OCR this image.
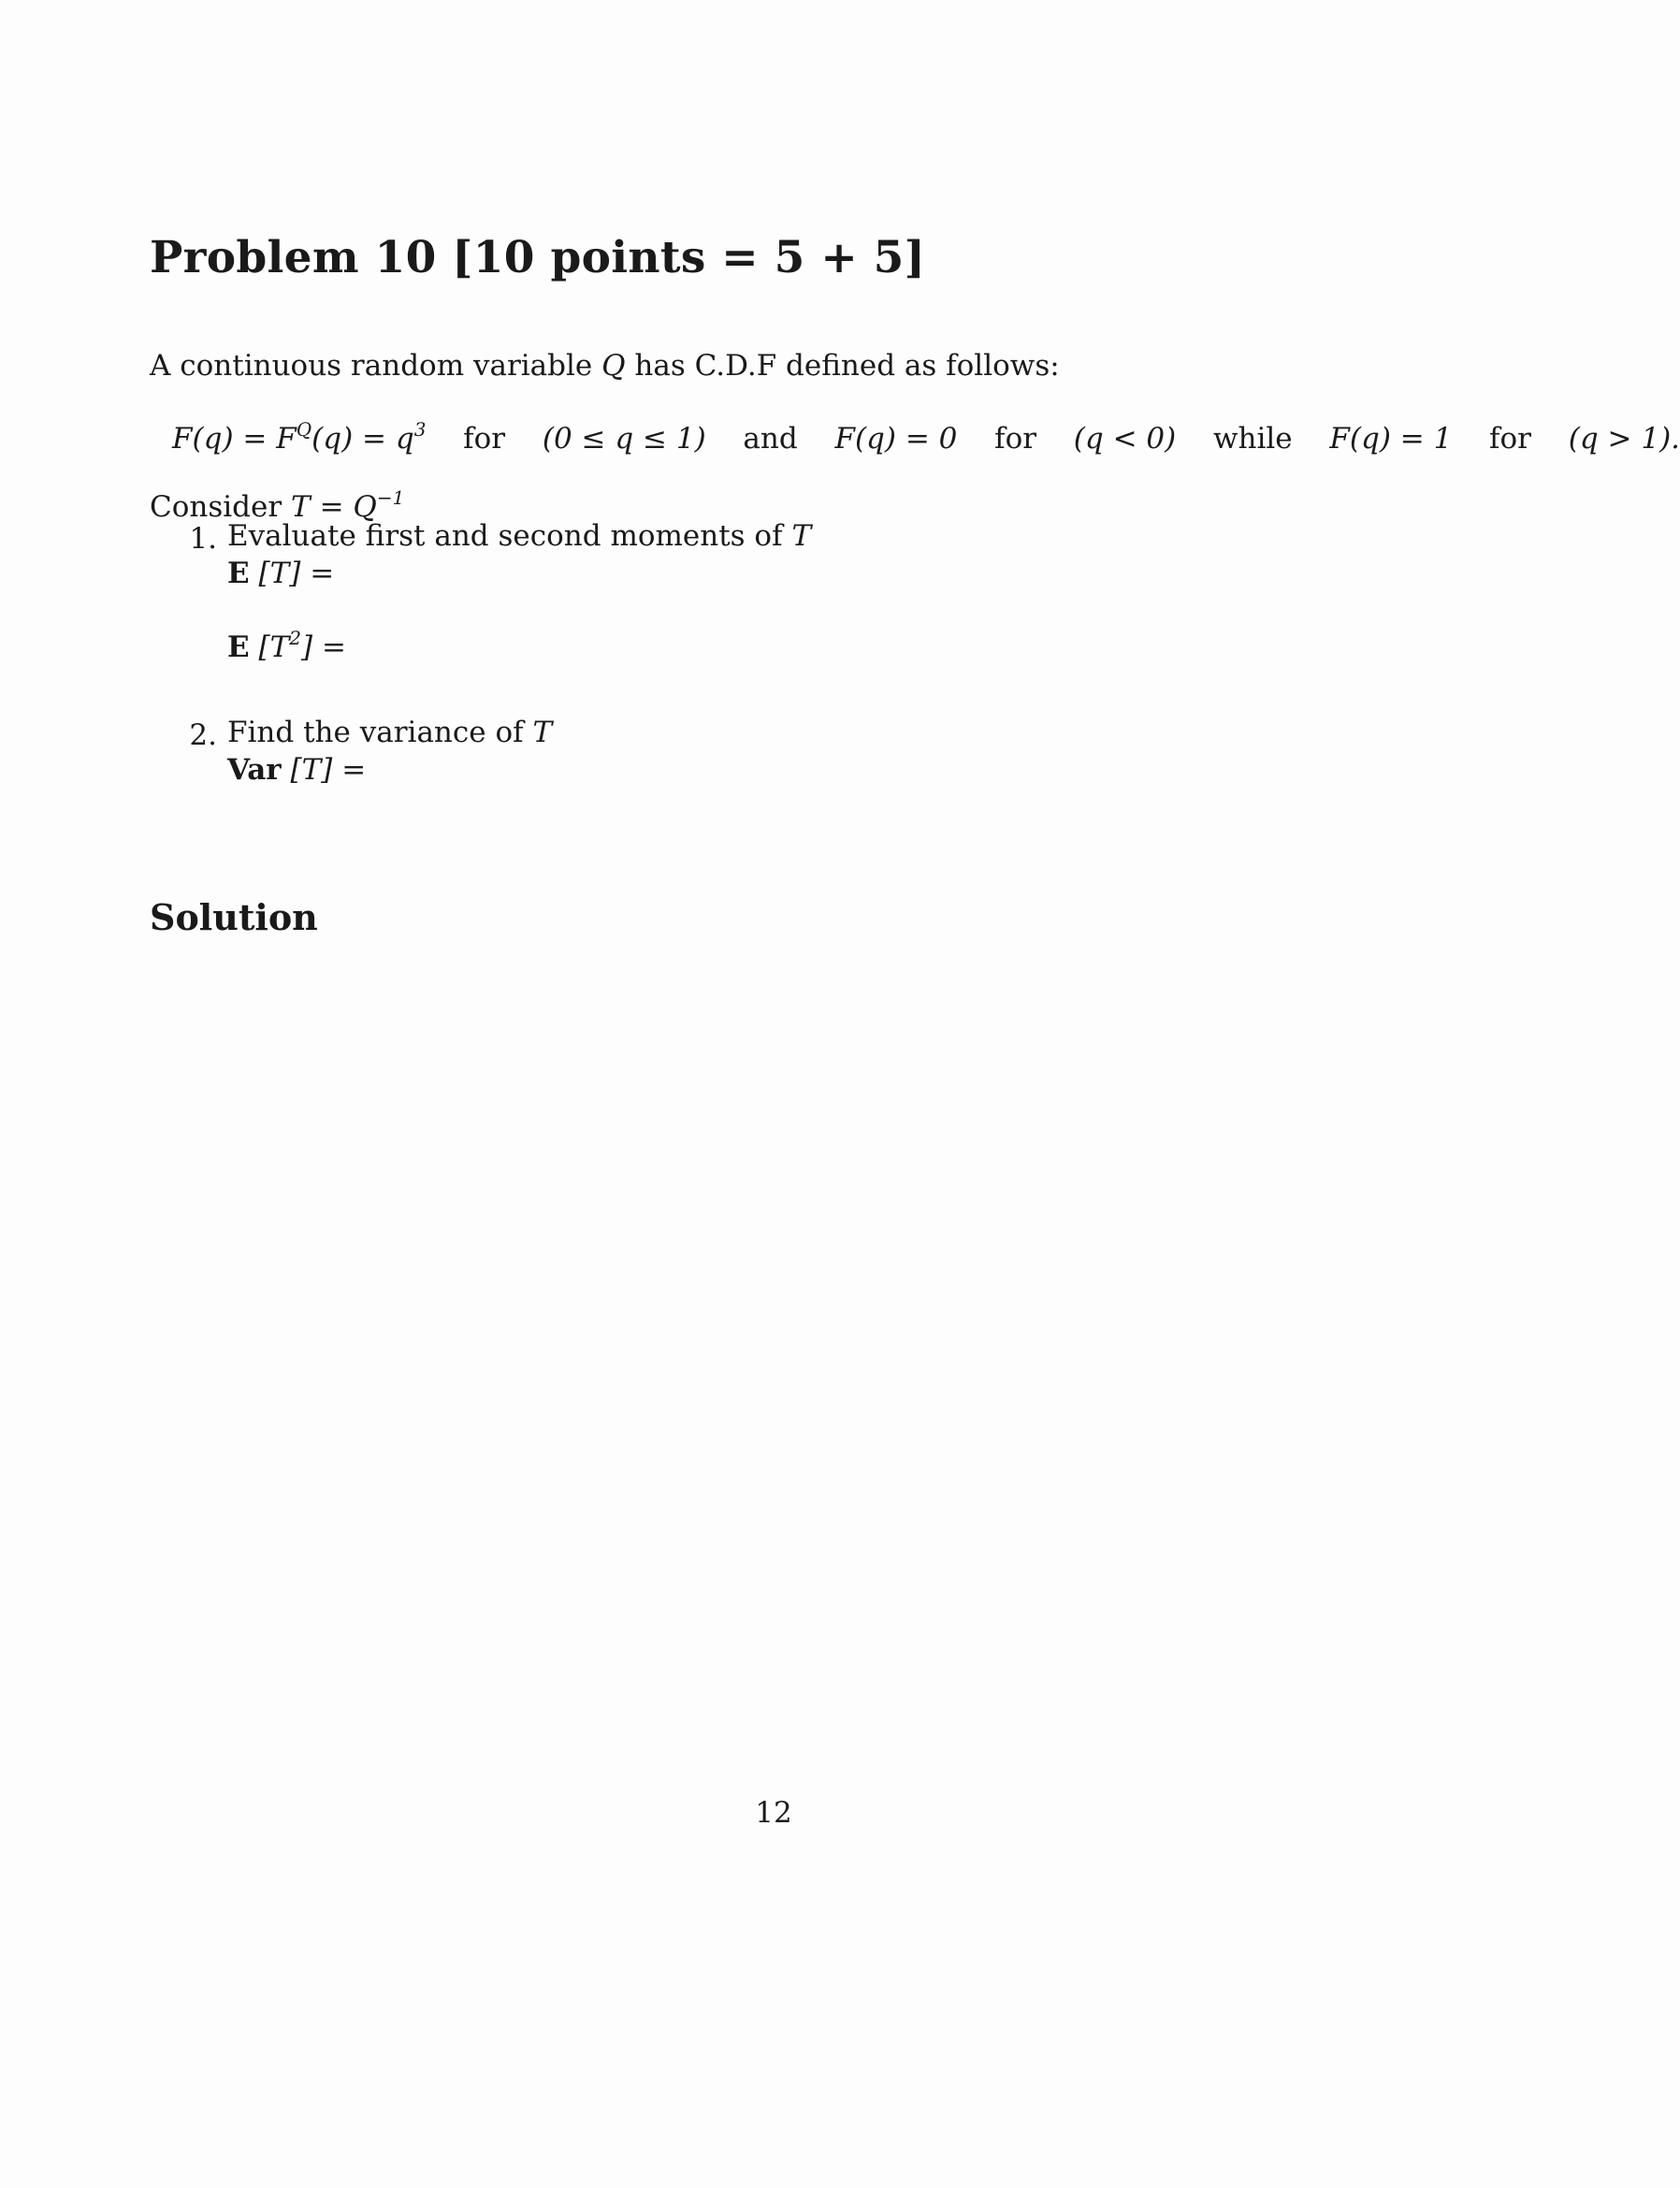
Problem 10 [10 points = 5 + 5]

A continuous random variable Q has C.D.F defined as follows:

$F(q) = F^Q(q) = q^3$ for (0 ≤ q ≤ 1) and F(q) = 0 for (q < 0) while F(q) = 1 for (q > 1).

Consider $T = Q^{-1}$

1. Evaluate first and second moments of T
E [T] =
E $[T^2]$ =
2. Find the variance of T
Var [T] =
Solution
12
